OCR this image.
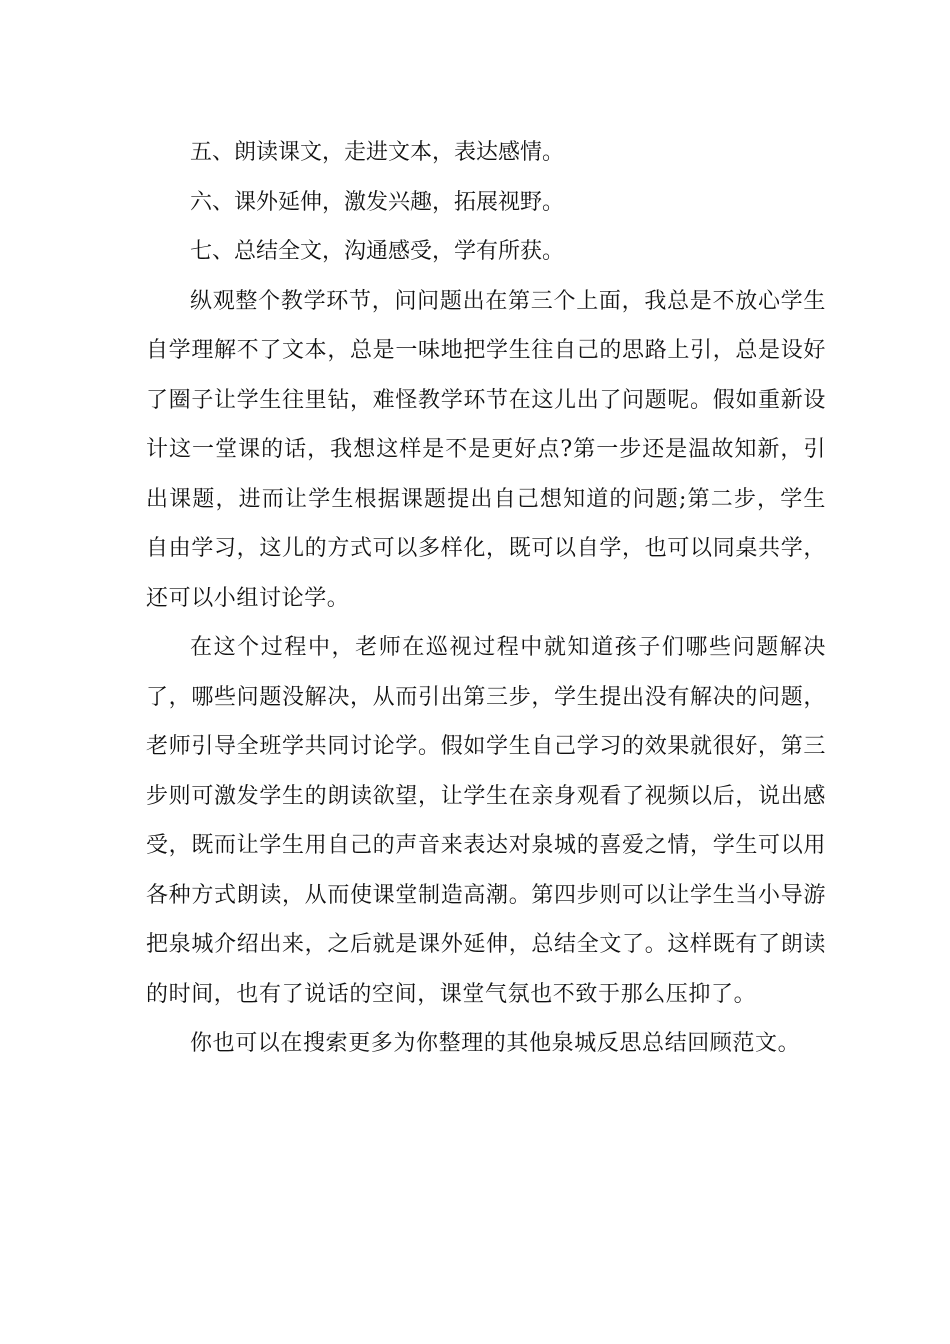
五、朗读课文，走进文本，表达感情。

六、课外延伸，激发兴趣，拓展视野。

七、总结全文，沟通感受，学有所获。

纵观整个教学环节，问问题出在第三个上面，我总是不放心学生自学理解不了文本，总是一味地把学生往自己的思路上引，总是设好了圈子让学生往里钻，难怪教学环节在这儿出了问题呢。假如重新设计这一堂课的话，我想这样是不是更好点?第一步还是温故知新，引出课题，进而让学生根据课题提出自己想知道的问题;第二步，学生自由学习，这儿的方式可以多样化，既可以自学，也可以同桌共学，还可以小组讨论学。

在这个过程中，老师在巡视过程中就知道孩子们哪些问题解决了，哪些问题没解决，从而引出第三步，学生提出没有解决的问题，老师引导全班学共同讨论学。假如学生自己学习的效果就很好，第三步则可激发学生的朗读欲望，让学生在亲身观看了视频以后，说出感受，既而让学生用自己的声音来表达对泉城的喜爱之情，学生可以用各种方式朗读，从而使课堂制造高潮。第四步则可以让学生当小导游把泉城介绍出来，之后就是课外延伸，总结全文了。这样既有了朗读的时间，也有了说话的空间，课堂气氛也不致于那么压抑了。

你也可以在搜索更多为你整理的其他泉城反思总结回顾范文。
